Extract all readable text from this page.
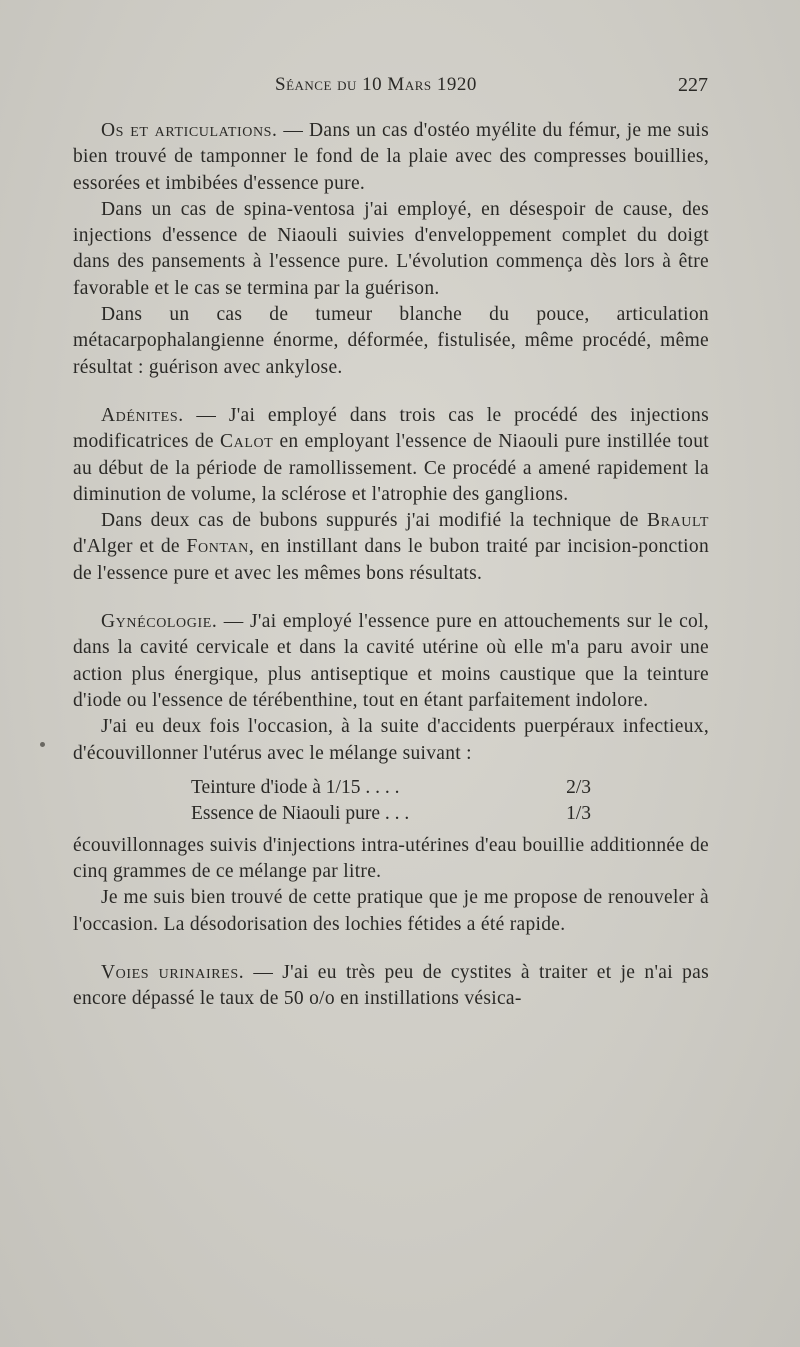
Séance du 10 Mars 1920	227

Os et articulations. — Dans un cas d'ostéo myélite du fémur, je me suis bien trouvé de tamponner le fond de la plaie avec des compresses bouillies, essorées et imbibées d'essence pure.

Dans un cas de spina-ventosa j'ai employé, en désespoir de cause, des injections d'essence de Niaouli suivies d'enveloppement complet du doigt dans des pansements à l'essence pure. L'évolution commença dès lors à être favorable et le cas se termina par la guérison.

Dans un cas de tumeur blanche du pouce, articulation métacarpophalangienne énorme, déformée, fistulisée, même procédé, même résultat : guérison avec ankylose.

Adénites. — J'ai employé dans trois cas le procédé des injections modificatrices de Calot en employant l'essence de Niaouli pure instillée tout au début de la période de ramollissement. Ce procédé a amené rapidement la diminution de volume, la sclérose et l'atrophie des ganglions.

Dans deux cas de bubons suppurés j'ai modifié la technique de Brault d'Alger et de Fontan, en instillant dans le bubon traité par incision-ponction de l'essence pure et avec les mêmes bons résultats.

Gynécologie. — J'ai employé l'essence pure en attouchements sur le col, dans la cavité cervicale et dans la cavité utérine où elle m'a paru avoir une action plus énergique, plus antiseptique et moins caustique que la teinture d'iode ou l'essence de térébenthine, tout en étant parfaitement indolore.

J'ai eu deux fois l'occasion, à la suite d'accidents puerpéraux infectieux, d'écouvillonner l'utérus avec le mélange suivant :

Teinture d'iode à 1/15 . . . .	2/3
Essence de Niaouli pure . . .	1/3

écouvillonnages suivis d'injections intra-utérines d'eau bouillie additionnée de cinq grammes de ce mélange par litre.

Je me suis bien trouvé de cette pratique que je me propose de renouveler à l'occasion. La désodorisation des lochies fétides a été rapide.

Voies urinaires. — J'ai eu très peu de cystites à traiter et je n'ai pas encore dépassé le taux de 50 o/o en instillations vésica-
